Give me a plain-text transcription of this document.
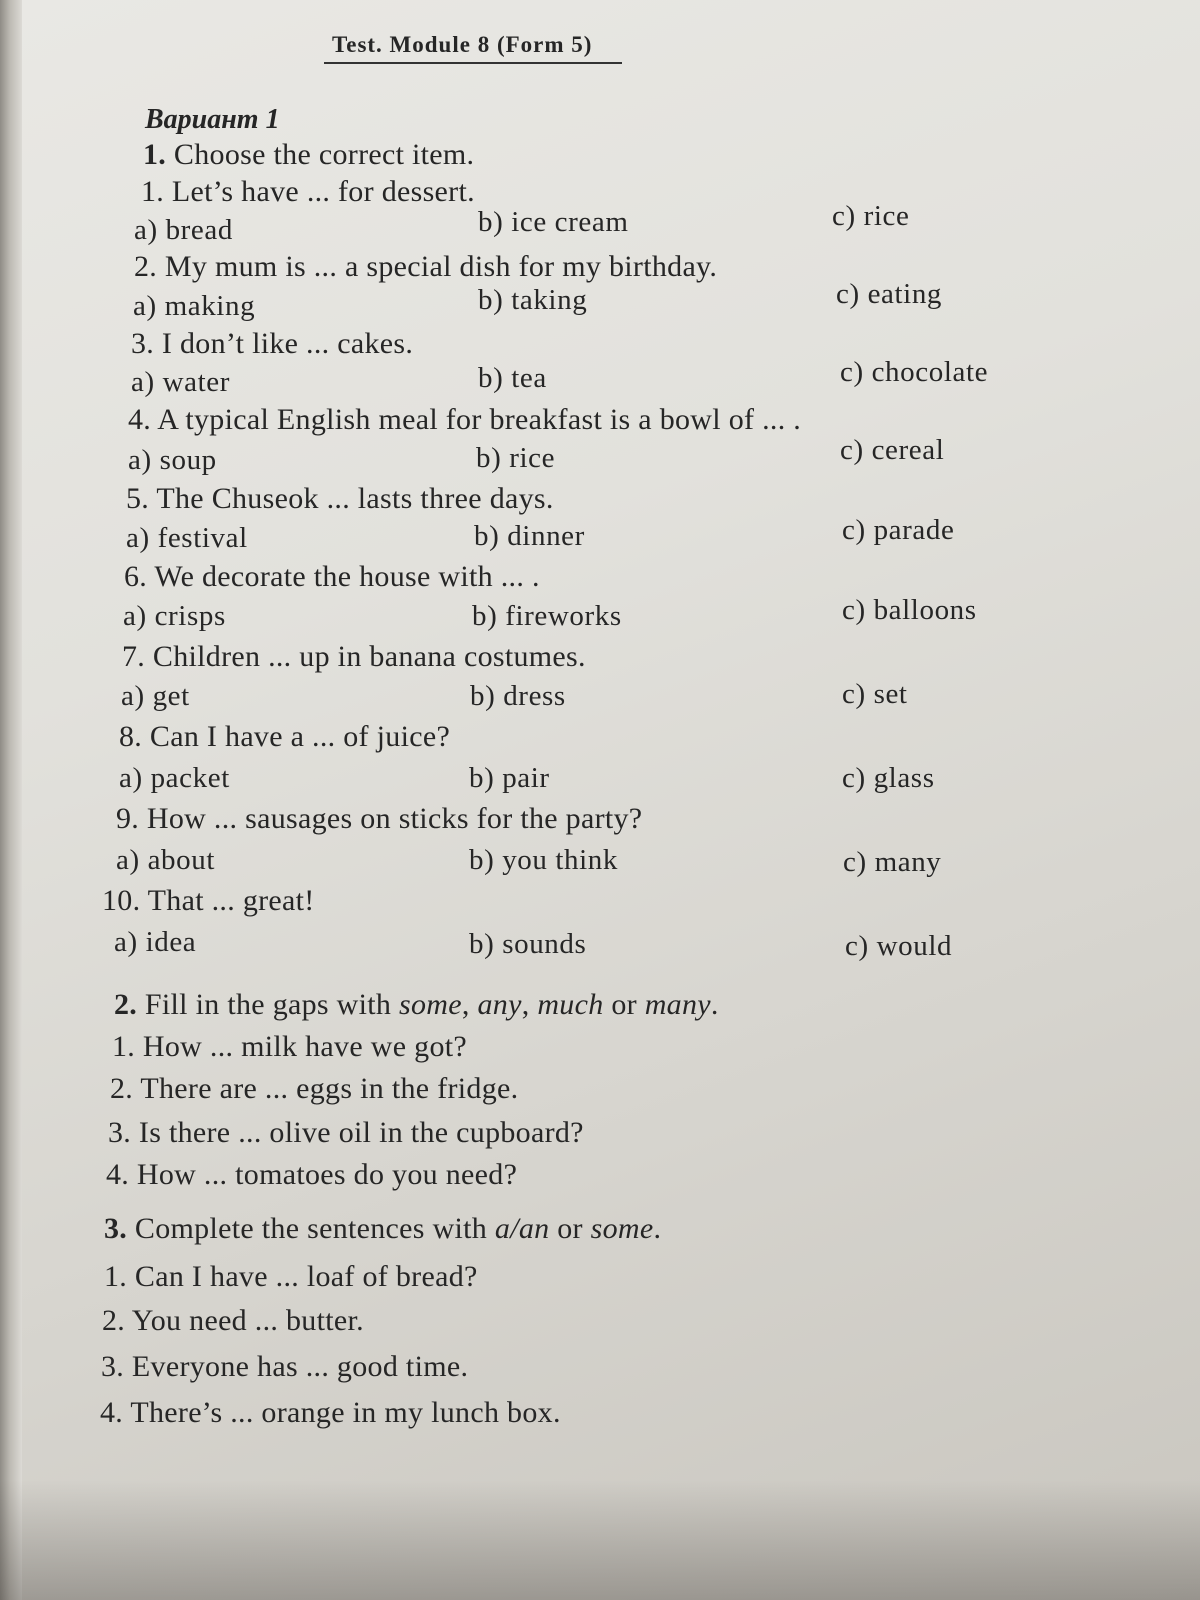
Test. Module 8 (Form 5)
Вариант 1
1. Choose the correct item.
1. Let’s have ... for dessert.
a) bread	b) ice cream	c) rice
2. My mum is ... a special dish for my birthday.
a) making	b) taking	c) eating
3. I don’t like ... cakes.
a) water	b) tea	c) chocolate
4. A typical English meal for breakfast is a bowl of ... .
a) soup	b) rice	c) cereal
5. The Chuseok ... lasts three days.
a) festival	b) dinner	c) parade
6. We decorate the house with ... .
a) crisps	b) fireworks	c) balloons
7. Children ... up in banana costumes.
a) get	b) dress	c) set
8. Can I have a ... of juice?
a) packet	b) pair	c) glass
9. How ... sausages on sticks for the party?
a) about	b) you think	c) many
10. That ... great!
a) idea	b) sounds	c) would
2. Fill in the gaps with some, any, much or many.
1. How ... milk have we got?
2. There are ... eggs in the fridge.
3. Is there ... olive oil in the cupboard?
4. How ... tomatoes do you need?
3. Complete the sentences with a/an or some.
1. Can I have ... loaf of bread?
2. You need ... butter.
3. Everyone has ... good time.
4. There’s ... orange in my lunch box.
